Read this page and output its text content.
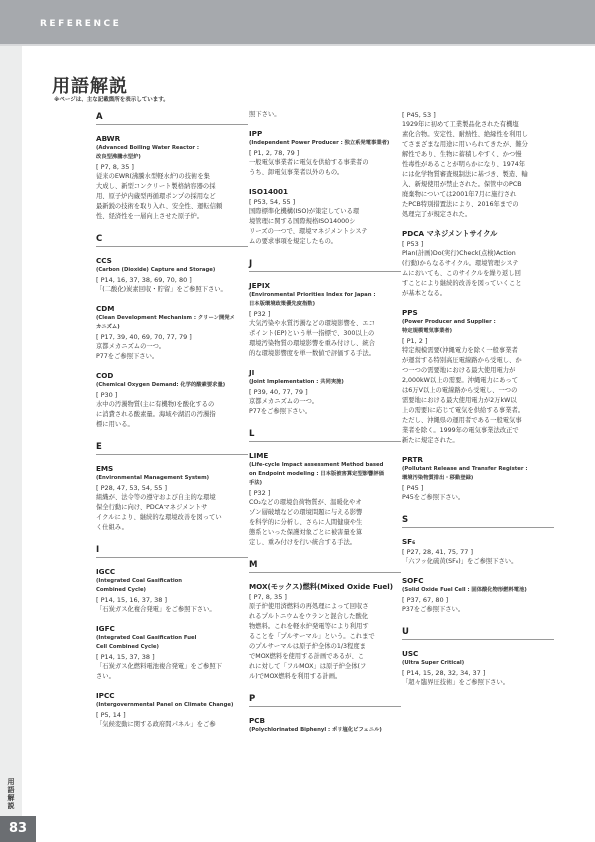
REFERENCE
用語解説
※ページは、主な記載箇所を表示しています。
A
ABWR
(Advanced Boiling Water Reactor :
改良型沸騰水型炉)
[ P7, 8, 35 ]
従来のEWR(沸騰水型軽水炉)の技術を集
大成し、新型コンクリート製格納容器の採
用、原子炉内蔵型再循環ポンプの採用など
最新鋭の技術を取り入れ、安全性、運転信頼
性、経済性を一層向上させた原子炉。
C
CCS
(Carbon (Dioxide) Capture and Storage)
[ P14, 16, 37, 38, 69, 70, 80 ]
「(二酸化)炭素回収・貯留」をご参照下さい。
CDM
(Clean Development Mechanism : クリーン開発メ
カニズム)
[ P17, 39, 40, 69, 70, 77, 79 ]
京都メカニズムの一つ。
P77をご参照下さい。
COD
(Chemical Oxygen Demand: 化学的酸素要求量)
[ P30 ]
水中の汚濁物質(主に有機物)を酸化するの
に消費される酸素量。海域や湖沼の汚濁指
標に用いる。
E
EMS
(Environmental Management System)
[ P28, 47, 53, 54, 55 ]
組織が、法令等の遵守および自主的な環境
保全行動に向け、PDCAマネジメントサ
イクルにより、継続的な環境改善を図ってい
く仕組み。
I
IGCC
(Integrated Coal Gasification
Combined Cycle)
[ P14, 15, 16, 37, 38 ]
「石炭ガス化複合発電」をご参照下さい。
IGFC
(Integrated Coal Gasification Fuel
Cell Combined Cycle)
[ P14, 15, 37, 38 ]
「石炭ガス化燃料電池複合発電」をご参照下
さい。
IPCC
(Intergovernmental Panel on Climate Change)
[ P5, 14 ]
「気候変動に関する政府間パネル」をご参
照下さい。
IPP
(Independent Power Producer : 独立系発電事業者)
[ P1, 2, 78, 79 ]
一般電気事業者に電気を供給する事業者の
うち、卸電気事業者以外のもの。
ISO14001
[ P53, 54, 55 ]
国際標準化機構(ISO)が策定している環
境管理に関する国際規格ISO14000シ
リーズの一つで、環境マネジメントシステ
ムの要求事項を規定したもの。
J
JEPIX
(Environmental Priorities Index for Japan :
日本版環境政策優先度指数)
[ P32 ]
大気汚染や水質汚濁などの環境影響を、エコ
ポイント(EP)という単一指標で、300以上の
環境汚染物質の環境影響を重み付けし、統合
的な環境影響度を単一数値で評価する手法。
JI
(Joint Implementation : 共同実施)
[ P39, 40, 77, 79 ]
京都メカニズムの一つ。
P77をご参照下さい。
L
LIME
(Life-cycle Impact assessment Method based
on Endpoint modeling : 日本版被害算定型影響評価
手法)
[ P32 ]
CO₂などの環境負荷物質が、温暖化やオ
ゾン層破壊などの環境問題に与える影響
を科学的に分析し、さらに人間健康や生
態系といった保護対象ごとに被害量を算
定し、重み付けを行い統合する手法。
M
MOX(モックス)燃料(Mixed Oxide Fuel)
[ P7, 8, 35 ]
原子炉使用済燃料の再処理によって回収さ
れるプルトニウムをウランと混合した酸化
物燃料。これを軽水炉発電等により利用す
ることを「プルサーマル」という。これまで
のプルサーマルは原子炉全体の1/3程度ま
でMOX燃料を使用する計画であるが、こ
れに対して「フルMOX」は原子炉全体(フ
ル)でMOX燃料を利用する計画。
P
PCB
(Polychlorinated Biphenyl : ポリ塩化ビフェニル)
[ P45, 53 ]
1929年に初めて工業製品化された有機塩
素化合物。安定性、耐熱性、絶縁性を利用し
てさまざまな用途に用いられてきたが、難分
解性であり、生物に蓄積しやすく、かつ慢
性毒性があることが明らかになり、1974年
には化学物質審査規制法に基づき、製造、輸
入、新規使用が禁止された。保管中のPCB
廃棄物については2001年7月に施行され
たPCB特別措置法により、2016年までの
処理完了が規定された。
PDCA マネジメントサイクル
[ P53 ]
Plan(計画)Do(実行)Check(点検)Action
(行動)からなるサイクル。環境管理システ
ムにおいても、このサイクルを繰り返し回
すことにより継続的改善を図っていくこと
が基本となる。
PPS
(Power Producer and Supplier :
特定規模電気事業者)
[ P1, 2 ]
特定規模需要(沖縄電力を除く一般事業者
が運営する特別高圧電線路から受電し、か
つ一つの需要地における最大使用電力が
2,000kW以上の需要。沖縄電力にあって
は6万V以上の電線路から受電し、一つの
需要地における最大使用電力が2万kW以
上の需要)に応じて電気を供給する事業者。
ただし、沖縄県の運用者である一般電気事
業者を除く。1999年の電気事業法改正で
新たに規定された。
PRTR
(Pollutant Release and Transfer Register :
環境汚染物質排出・移動登録)
[ P45 ]
P45をご参照下さい。
S
SF₆
[ P27, 28, 41, 75, 77 ]
「六フッ化硫黄(SF₆)」をご参照下さい。
SOFC
(Solid Oxide Fuel Cell : 固体酸化物形燃料電池)
[ P37, 67, 80 ]
P37をご参照下さい。
U
USC
(Ultra Super Critical)
[ P14, 15, 28, 32, 34, 37 ]
「超々臨界圧技術」をご参照下さい。
用語解説
83
